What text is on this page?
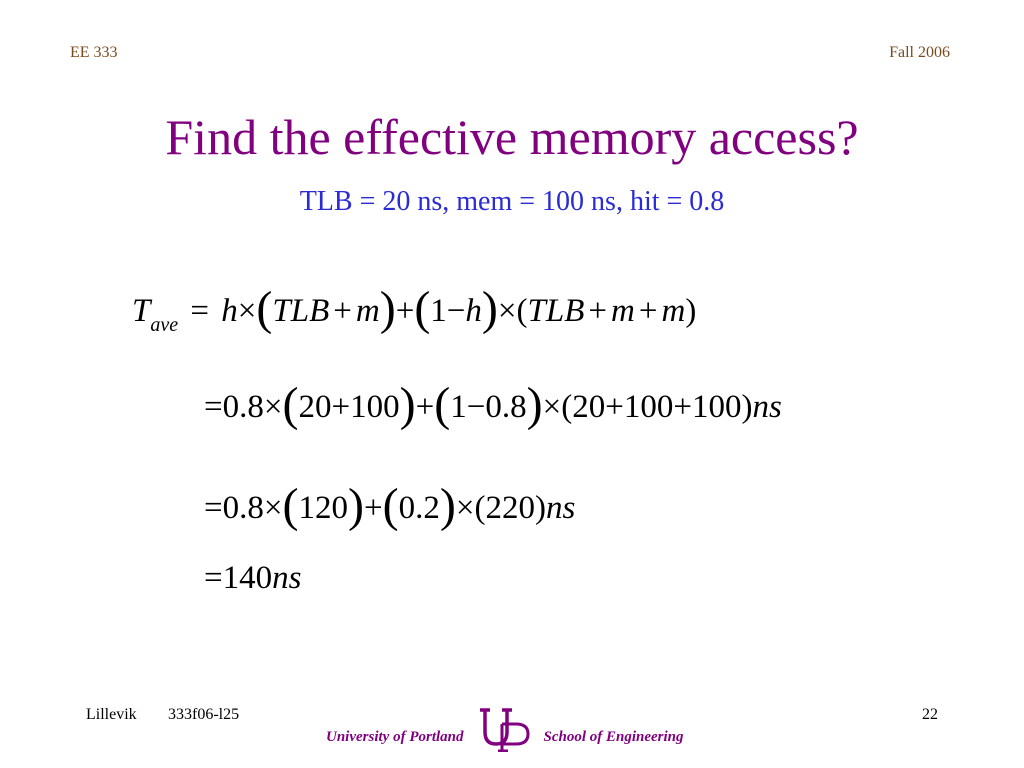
EE 333	Fall 2006
Find the effective memory access?
TLB = 20 ns, mem = 100 ns, hit = 0.8
$T_{ave} = h\times(TLB + m)+(1-h)\times(TLB + m + m)$
=0.8×(20+100)+(1−0.8)×(20+100+100)ns
=0.8×(120)+(0.2)×(220)ns
=140ns
Lillevik 333f06-l25	22
University of Portland	School of Engineering
